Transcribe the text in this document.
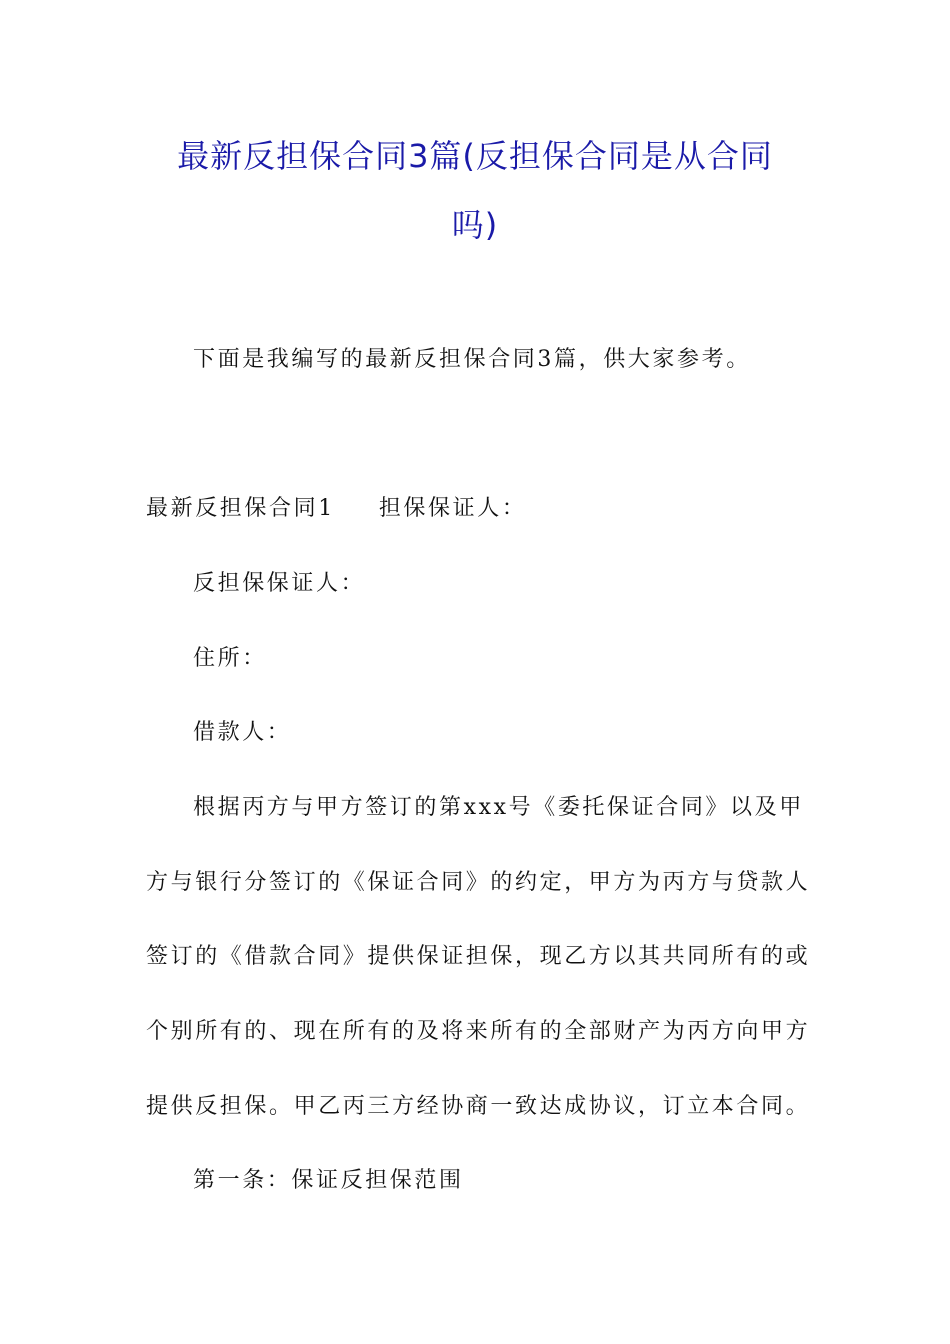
最新反担保合同3篇(反担保合同是从合同
吗)
下面是我编写的最新反担保合同3篇，供大家参考。
最新反担保合同1 担保保证人：
反担保保证人：
住所：
借款人：
根据丙方与甲方签订的第xxx号《委托保证合同》以及甲
方与银行分签订的《保证合同》的约定，甲方为丙方与贷款人
签订的《借款合同》提供保证担保，现乙方以其共同所有的或
个别所有的、现在所有的及将来所有的全部财产为丙方向甲方
提供反担保。甲乙丙三方经协商一致达成协议，订立本合同。
第一条：保证反担保范围
